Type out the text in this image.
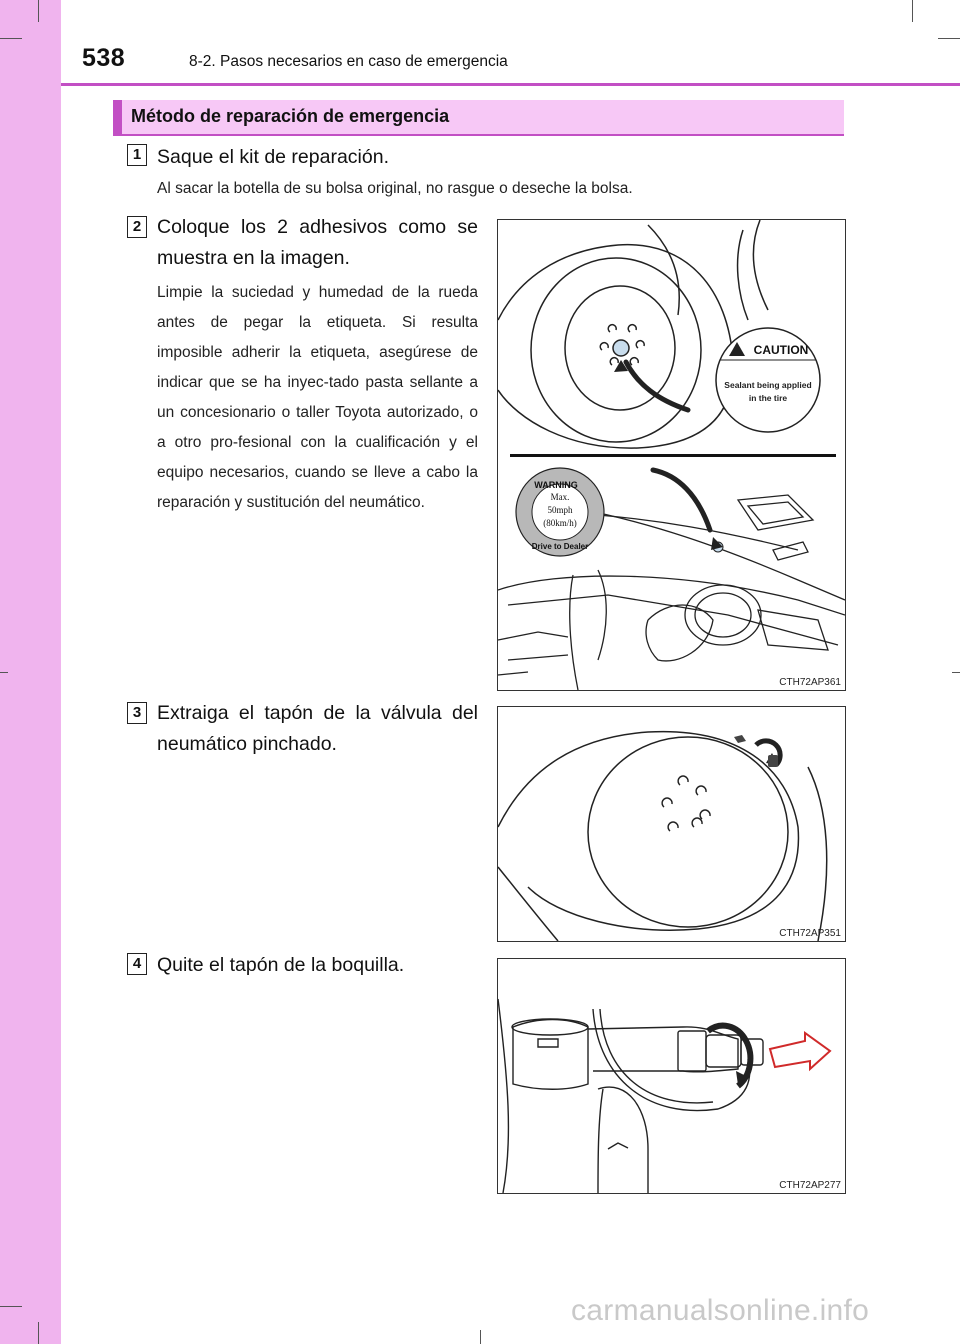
538	8-2. Pasos necesarios en caso de emergencia
Método de reparación de emergencia
1 Saque el kit de reparación.
Al sacar la botella de su bolsa original, no rasgue o deseche la bolsa.
2 Coloque los 2 adhesivos como se muestra en la imagen.
Limpie la suciedad y humedad de la rueda antes de pegar la etiqueta. Si resulta imposible adherir la etiqueta, asegúrese de indicar que se ha inyec-tado pasta sellante a un concesionario o taller Toyota autorizado, o a otro pro-fesional con la cualificación y el equipo necesarios, cuando se lleve a cabo la reparación y sustitución del neumático.
CAUTION
Sealant being applied
in the tire
WARNING
Max.
50mph
(80km/h)
Drive to Dealer
CTH72AP361
3 Extraiga el tapón de la válvula del neumático pinchado.
CTH72AP351
4 Quite el tapón de la boquilla.
CTH72AP277
carmanualsonline.info
